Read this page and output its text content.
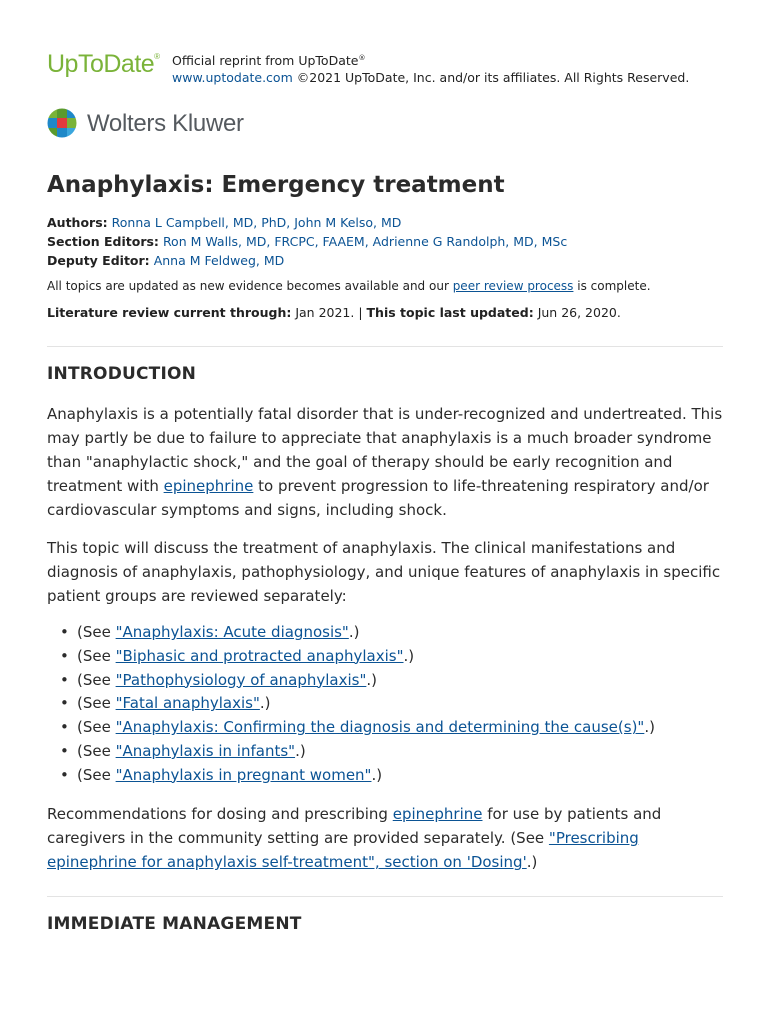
UpToDate® Official reprint from UpToDate®
www.uptodate.com ©2021 UpToDate, Inc. and/or its affiliates. All Rights Reserved.
Wolters Kluwer
Anaphylaxis: Emergency treatment
Authors: Ronna L Campbell, MD, PhD, John M Kelso, MD
Section Editors: Ron M Walls, MD, FRCPC, FAAEM, Adrienne G Randolph, MD, MSc
Deputy Editor: Anna M Feldweg, MD
All topics are updated as new evidence becomes available and our peer review process is complete.
Literature review current through: Jan 2021. | This topic last updated: Jun 26, 2020.
INTRODUCTION

Anaphylaxis is a potentially fatal disorder that is under-recognized and undertreated. This may partly be due to failure to appreciate that anaphylaxis is a much broader syndrome than "anaphylactic shock," and the goal of therapy should be early recognition and treatment with epinephrine to prevent progression to life-threatening respiratory and/or cardiovascular symptoms and signs, including shock.

This topic will discuss the treatment of anaphylaxis. The clinical manifestations and diagnosis of anaphylaxis, pathophysiology, and unique features of anaphylaxis in specific patient groups are reviewed separately:

• (See "Anaphylaxis: Acute diagnosis".)
• (See "Biphasic and protracted anaphylaxis".)
• (See "Pathophysiology of anaphylaxis".)
• (See "Fatal anaphylaxis".)
• (See "Anaphylaxis: Confirming the diagnosis and determining the cause(s)".)
• (See "Anaphylaxis in infants".)
• (See "Anaphylaxis in pregnant women".)

Recommendations for dosing and prescribing epinephrine for use by patients and caregivers in the community setting are provided separately. (See "Prescribing epinephrine for anaphylaxis self-treatment", section on 'Dosing'.)

IMMEDIATE MANAGEMENT
